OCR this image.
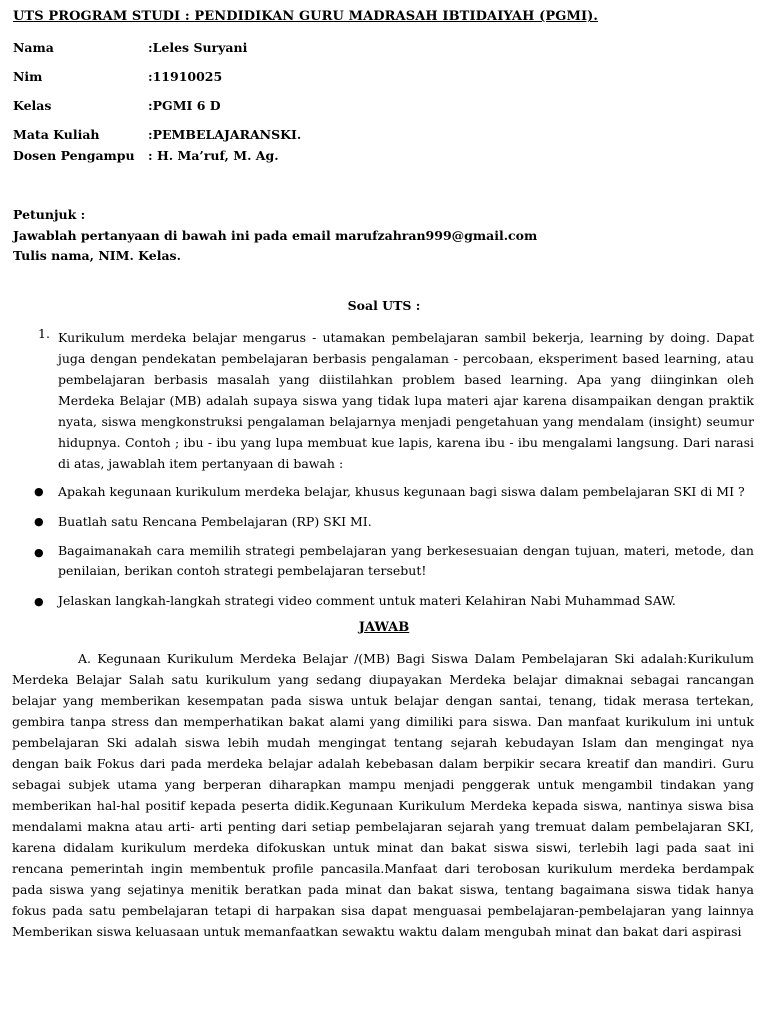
UTS PROGRAM STUDI : PENDIDIKAN GURU MADRASAH IBTIDAIYAH (PGMI).
Nama	:Leles Suryani
Nim	:11910025
Kelas	:PGMI 6 D
Mata Kuliah	:PEMBELAJARANSKI.
Dosen Pengampu : H. Ma’ruf, M. Ag.
Petunjuk :
Jawablah pertanyaan di bawah ini pada email marufzahran999@gmail.com
Tulis nama, NIM. Kelas.
Soal UTS :
1. Kurikulum merdeka belajar mengarus - utamakan pembelajaran sambil bekerja, learning by doing. Dapat juga dengan pendekatan pembelajaran berbasis pengalaman - percobaan, eksperiment based learning, atau pembelajaran berbasis masalah yang diistilahkan problem based learning. Apa yang diinginkan oleh Merdeka Belajar (MB) adalah supaya siswa yang tidak lupa materi ajar karena disampaikan dengan praktik nyata, siswa mengkonstruksi pengalaman belajarnya menjadi pengetahuan yang mendalam (insight) seumur hidupnya. Contoh ; ibu - ibu yang lupa membuat kue lapis, karena ibu - ibu mengalami langsung. Dari narasi di atas, jawablah item pertanyaan di bawah :
● Apakah kegunaan kurikulum merdeka belajar, khusus kegunaan bagi siswa dalam pembelajaran SKI di MI ?
● Buatlah satu Rencana Pembelajaran (RP) SKI MI.
● Bagaimanakah cara memilih strategi pembelajaran yang berkesesuaian dengan tujuan, materi, metode, dan penilaian, berikan contoh strategi pembelajaran tersebut!
● Jelaskan langkah-langkah strategi video comment untuk materi Kelahiran Nabi Muhammad SAW.
JAWAB
A. Kegunaan Kurikulum Merdeka Belajar /(MB) Bagi Siswa Dalam Pembelajaran Ski adalah:Kurikulum Merdeka Belajar Salah satu kurikulum yang sedang diupayakan Merdeka belajar dimaknai sebagai rancangan belajar yang memberikan kesempatan pada siswa untuk belajar dengan santai, tenang, tidak merasa tertekan, gembira tanpa stress dan memperhatikan bakat alami yang dimiliki para siswa. Dan manfaat kurikulum ini untuk pembelajaran Ski adalah siswa lebih mudah mengingat tentang sejarah kebudayan Islam dan mengingat nya dengan baik Fokus dari pada merdeka belajar adalah kebebasan dalam berpikir secara kreatif dan mandiri. Guru sebagai subjek utama yang berperan diharapkan mampu menjadi penggerak untuk mengambil tindakan yang memberikan hal-hal positif kepada peserta didik.Kegunaan Kurikulum Merdeka kepada siswa, nantinya siswa bisa mendalami makna atau arti- arti penting dari setiap pembelajaran sejarah yang tremuat dalam pembelajaran SKI, karena didalam kurikulum merdeka difokuskan untuk minat dan bakat siswa siswi, terlebih lagi pada saat ini rencana pemerintah ingin membentuk profile pancasila.Manfaat dari terobosan kurikulum merdeka berdampak pada siswa yang sejatinya menitik beratkan pada minat dan bakat siswa, tentang bagaimana siswa tidak hanya fokus pada satu pembelajaran tetapi di harpakan sisa dapat menguasai pembelajaran-pembelajaran yang lainnya Memberikan siswa keluasaan untuk memanfaatkan sewaktu waktu dalam mengubah minat dan bakat dari aspirasi
